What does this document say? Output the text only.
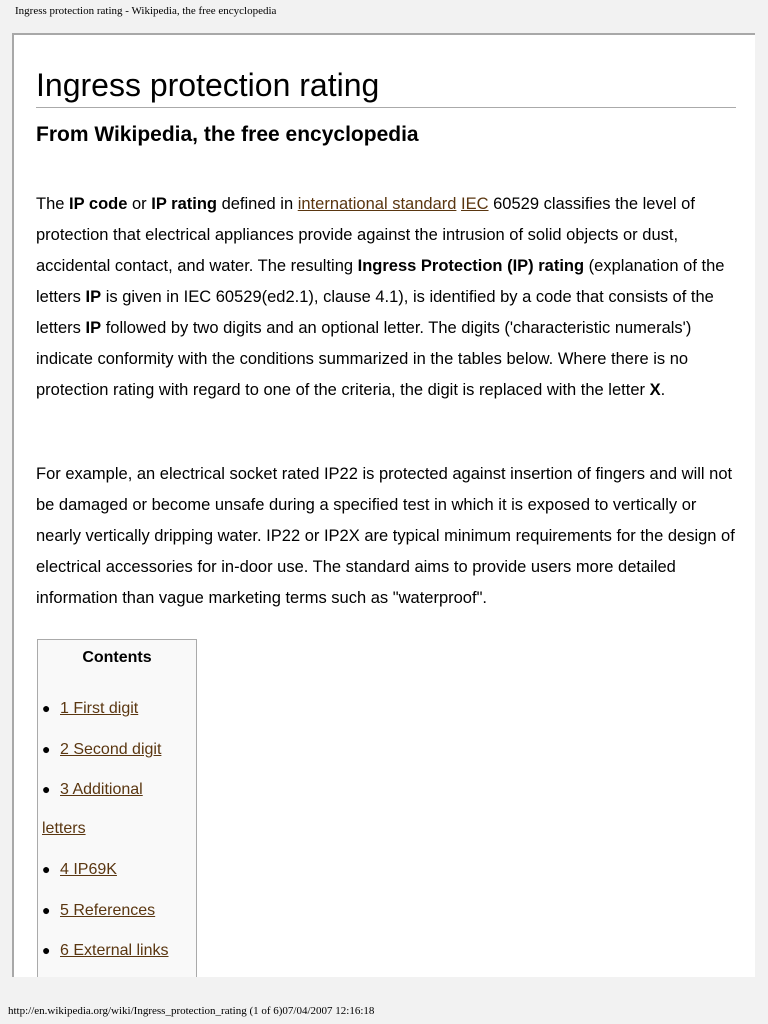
Ingress protection rating - Wikipedia, the free encyclopedia
Ingress protection rating
From Wikipedia, the free encyclopedia

The IP code or IP rating defined in international standard IEC 60529 classifies the level of protection that electrical appliances provide against the intrusion of solid objects or dust, accidental contact, and water. The resulting Ingress Protection (IP) rating (explanation of the letters IP is given in IEC 60529(ed2.1), clause 4.1), is identified by a code that consists of the letters IP followed by two digits and an optional letter. The digits ('characteristic numerals') indicate conformity with the conditions summarized in the tables below. Where there is no protection rating with regard to one of the criteria, the digit is replaced with the letter X.

For example, an electrical socket rated IP22 is protected against insertion of fingers and will not be damaged or become unsafe during a specified test in which it is exposed to vertically or nearly vertically dripping water. IP22 or IP2X are typical minimum requirements for the design of electrical accessories for in-door use. The standard aims to provide users more detailed information than vague marketing terms such as "waterproof".

Contents
● 1 First digit
● 2 Second digit
● 3 Additional
letters
● 4 IP69K
● 5 References
● 6 External links
http://en.wikipedia.org/wiki/Ingress_protection_rating (1 of 6)07/04/2007 12:16:18
